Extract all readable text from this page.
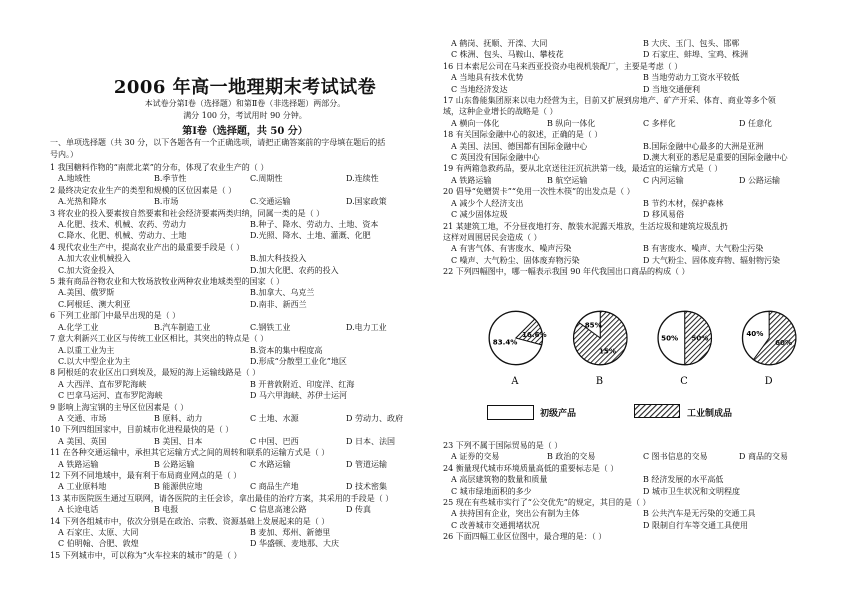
2006 年高一地理期末考试试卷
本试卷分第Ⅰ卷（选择题）和第Ⅱ卷（非选择题）两部分。
满分 100 分，考试用时 90 分钟。
第Ⅰ卷（选择题，共 50 分）
一、单项选择题（共 30 分，以下各题各有一个正确选项，请把正确答案前的字母填在题后的括
号内。）
1 我国糖料作物的“南蔗北菜”的分布，体现了农业生产的（ ）
A.地域性	B.季节性	C.周期性	D.连续性
2 最终决定农业生产的类型和规模的区位因素是（ ）
A.光热和降水	B.市场	C.交通运输	D.国家政策
3 将农业的投入要素按自然要素和社会经济要素两类归纳，同属一类的是（ ）
A.化肥、技术、机械、农药、劳动力	B.种子、降水、劳动力、土地、资本
C.降水、化肥、机械、劳动力、土地	D.光照、降水、土地、灌溉、化肥
4 现代农业生产中，提高农业产出的最重要手段是（ ）
A.加大农业机械投入	B.加大科技投入
C.加大资金投入	D.加大化肥、农药的投入
5 兼有商品谷物农业和大牧场放牧业两种农业地域类型的国家（ ）
A.美国、俄罗斯	B.加拿大、乌克兰
C.阿根廷、澳大利亚	D.南非、新西兰
6 下列工业部门中最早出现的是（ ）
A.化学工业	B.汽车制造工业	C.钢铁工业	D.电力工业
7 意大利新兴工业区与传统工业区相比，其突出的特点是（ ）
A.以重工业为主	B.资本的集中程度高
C.以大中型企业为主	D.形成“分散型工业化”地区
8 阿根廷的农业区出口到埃及，最短的海上运输线路是（ ）
A 大西洋、直布罗陀海峡	B 开普敦附近、印度洋、红海
C 巴拿马运河、直布罗陀海峡	D 马六甲海峡、苏伊士运河
9 影响上海宝钢的主导区位因素是（ ）
A 交通、市场	B 原料、动力	C 土地、水源	D 劳动力、政府
10 下列四组国家中，目前城市化进程最快的是（ ）
A 美国、英国	B 美国、日本	C 中国、巴西	D 日本、法国
11 在各种交通运输中，承担其它运输方式之间的周转和联系的运输方式是（ ）
A 铁路运输	B 公路运输	C 水路运输	D 管道运输
12 下列不同地域中，最有利于布局商业网点的是（ ）
A 工业原料地	B 能源供应地	C 商品生产地	D 技术密集
13 某市医院医生通过互联网，请各医院的主任会诊，拿出最佳的治疗方案，其采用的手段是（ ）
A 长途电话	B 电报	C 信息高速公路	D 传真
14 下列各组城市中，依次分别是在政治、宗教、资源基础上发展起来的是（ ）
A 石家庄、太原、大同	B 麦加、郑州、新德里
C 伯明翰、合肥、敦煌	D 华盛顿、麦地那、大庆
15 下列城市中，可以称为“火车拉来的城市”的是（ ）
A 鹤岗、抚顺、开滦、大同	B 大庆、玉门、包头、邯郸
C 株洲、包头、马鞍山、攀枝花	D 石家庄、蚌埠、宝鸡、株洲
16 日本索尼公司在马来西亚投资办电视机装配厂，主要是考虑（ ）
A 当地具有技术优势	B 当地劳动力工资水平较低
C 当地经济发达	D 当地交通便利
17 山东鲁能集团原来以电力经营为主，目前又扩展到房地产、矿产开采、体育、商业等多个领
域，这种企业增长的战略是（ ）
A 横向一体化	B 纵向一体化	C 多样化	D 任意化
18 有关国际金融中心的叙述，正确的是（ ）
A 美国、法国、德国都有国际金融中心	B.国际金融中心最多的大洲是亚洲
C 英国没有国际金融中心	D.澳大利亚的悉尼是重要的国际金融中心
19 有两箱急救药品，要从北京送往汪沉抗洪第一线，最适宜的运输方式是（ ）
A 铁路运输	B 航空运输	C 内河运输	D 公路运输
20 倡导“免赠贺卡”“免用一次性木筷”的出发点是（ ）
A 减少个人经济支出	B 节约木材，保护森林
C 减少固体垃圾	D 移风易俗
21 某建筑工地，不分昼夜地打夯、散装水泥露天堆放，生活垃圾和建筑垃圾乱扔
这样对周围居民会造成（ ）
A 有害气体、有害废水、噪声污染	B 有害废水、噪声、大气粉尘污染
C 噪声、大气粉尘、固体废弃物污染	D 大气粉尘、固体废弃物、辐射物污染
22 下列四幅图中，哪一幅表示我国 90 年代我国出口商品的构成（ ）
83.4%
16.6%
A
85%
15%
B
50% 50%
C
40%
60%
D
初级产品	工业制成品
23 下列不属于国际贸易的是（ ）
A 证券的交易	B 政治的交易	C 图书信息的交易	D 商品的交易
24 衡量现代城市环境质量高低的重要标志是（ ）
A 高层建筑物的数量和质量	B 经济发展的水平高低
C 城市绿地面积的多少	D 城市卫生状况和文明程度
25 现在有些城市实行了“公交优先”的规定，其目的是（ ）
A 扶持国有企业，突出公有制为主体	B 公共汽车是无污染的交通工具
C 改善城市交通拥堵状况	D 限制自行车等交通工具使用
26 下面四幅工业区位图中，最合理的是：（ ）
